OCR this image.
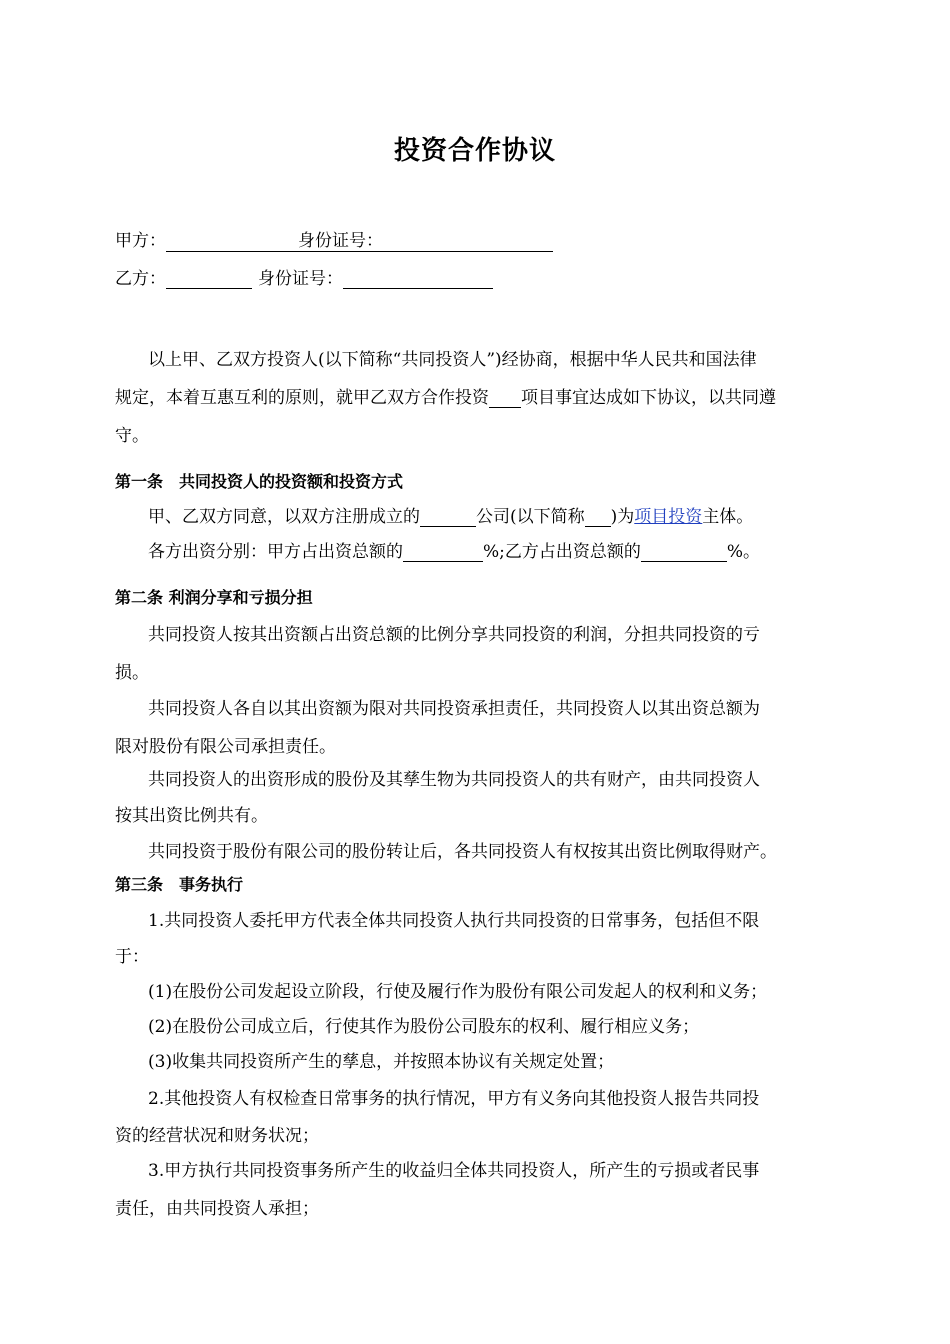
投资合作协议
甲方：	身份证号：
乙方：	身份证号：
以上甲、乙双方投资人(以下简称“共同投资人”)经协商，根据中华人民共和国法律
规定，本着互惠互利的原则，就甲乙双方合作投资 项目事宜达成如下协议，以共同遵
守。
第一条　共同投资人的投资额和投资方式
甲、乙双方同意，以双方注册成立的	公司(以下简称 )为项目投资主体。
各方出资分别：甲方占出资总额的	%;乙方占出资总额的	%。
第二条 利润分享和亏损分担
共同投资人按其出资额占出资总额的比例分享共同投资的利润，分担共同投资的亏
损。
共同投资人各自以其出资额为限对共同投资承担责任，共同投资人以其出资总额为
限对股份有限公司承担责任。
共同投资人的出资形成的股份及其孳生物为共同投资人的共有财产，由共同投资人
按其出资比例共有。
共同投资于股份有限公司的股份转让后，各共同投资人有权按其出资比例取得财产。
第三条　事务执行
1.共同投资人委托甲方代表全体共同投资人执行共同投资的日常事务，包括但不限
于：
(1)在股份公司发起设立阶段，行使及履行作为股份有限公司发起人的权利和义务；
(2)在股份公司成立后，行使其作为股份公司股东的权利、履行相应义务；
(3)收集共同投资所产生的孳息，并按照本协议有关规定处置；
2.其他投资人有权检查日常事务的执行情况，甲方有义务向其他投资人报告共同投
资的经营状况和财务状况；
3.甲方执行共同投资事务所产生的收益归全体共同投资人，所产生的亏损或者民事
责任，由共同投资人承担；
